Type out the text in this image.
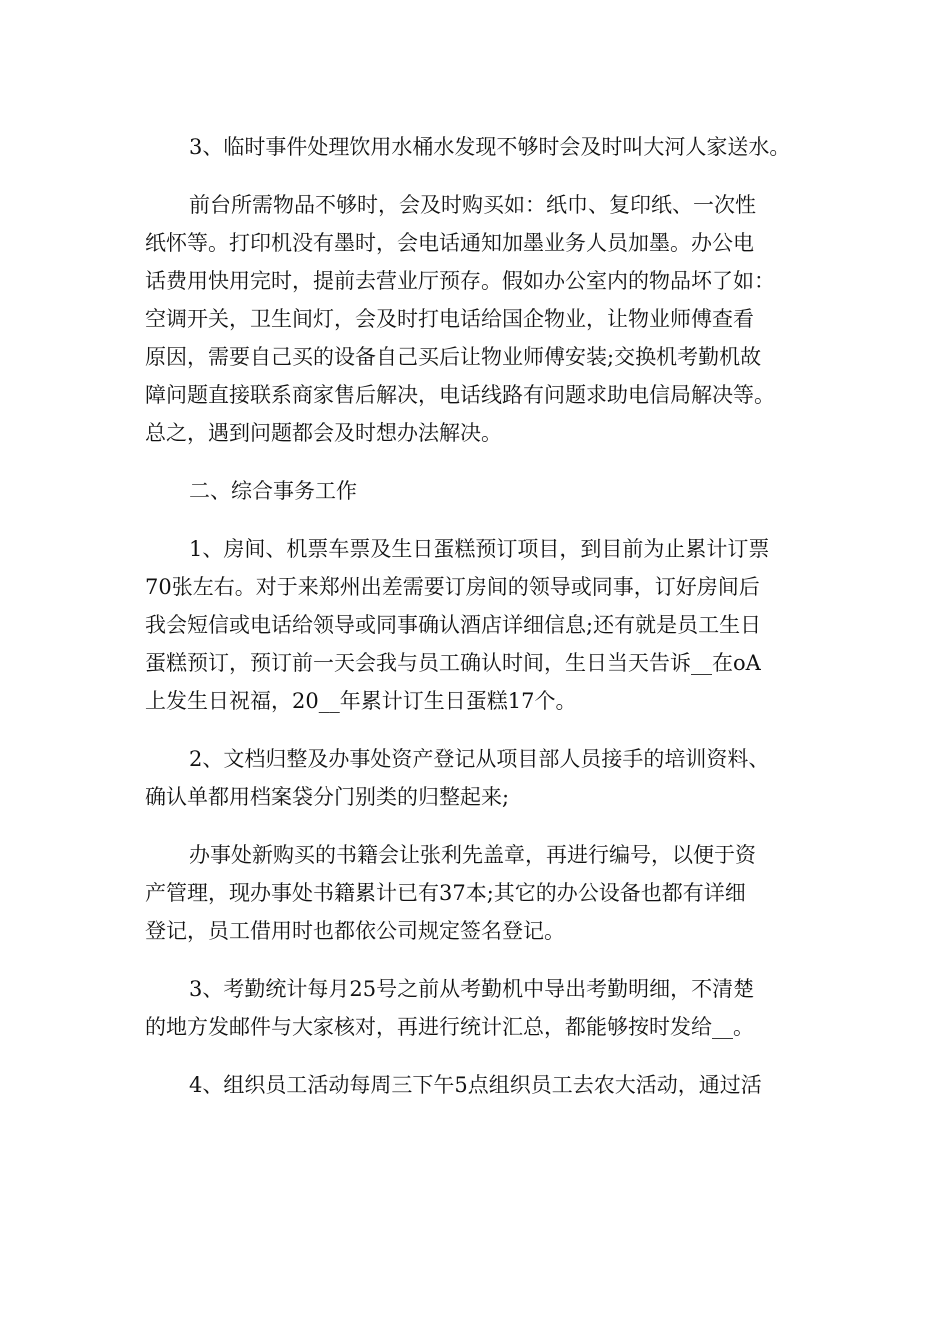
3、临时事件处理饮用水桶水发现不够时会及时叫大河人家送水。

前台所需物品不够时，会及时购买如：纸巾、复印纸、一次性

纸怀等。打印机没有墨时，会电话通知加墨业务人员加墨。办公电

话费用快用完时，提前去营业厅预存。假如办公室内的物品坏了如：

空调开关，卫生间灯，会及时打电话给国企物业，让物业师傅查看

原因，需要自己买的设备自己买后让物业师傅安装;交换机考勤机故

障问题直接联系商家售后解决，电话线路有问题求助电信局解决等。

总之，遇到问题都会及时想办法解决。

二、综合事务工作

1、房间、机票车票及生日蛋糕预订项目，到目前为止累计订票

70张左右。对于来郑州出差需要订房间的领导或同事，订好房间后

我会短信或电话给领导或同事确认酒店详细信息;还有就是员工生日

蛋糕预订，预订前一天会我与员工确认时间，生日当天告诉__在oA

上发生日祝福，20__年累计订生日蛋糕17个。

2、文档归整及办事处资产登记从项目部人员接手的培训资料、

确认单都用档案袋分门别类的归整起来;

办事处新购买的书籍会让张利先盖章，再进行编号，以便于资

产管理，现办事处书籍累计已有37本;其它的办公设备也都有详细

登记，员工借用时也都依公司规定签名登记。

3、考勤统计每月25号之前从考勤机中导出考勤明细，不清楚

的地方发邮件与大家核对，再进行统计汇总，都能够按时发给__。

4、组织员工活动每周三下午5点组织员工去农大活动，通过活
